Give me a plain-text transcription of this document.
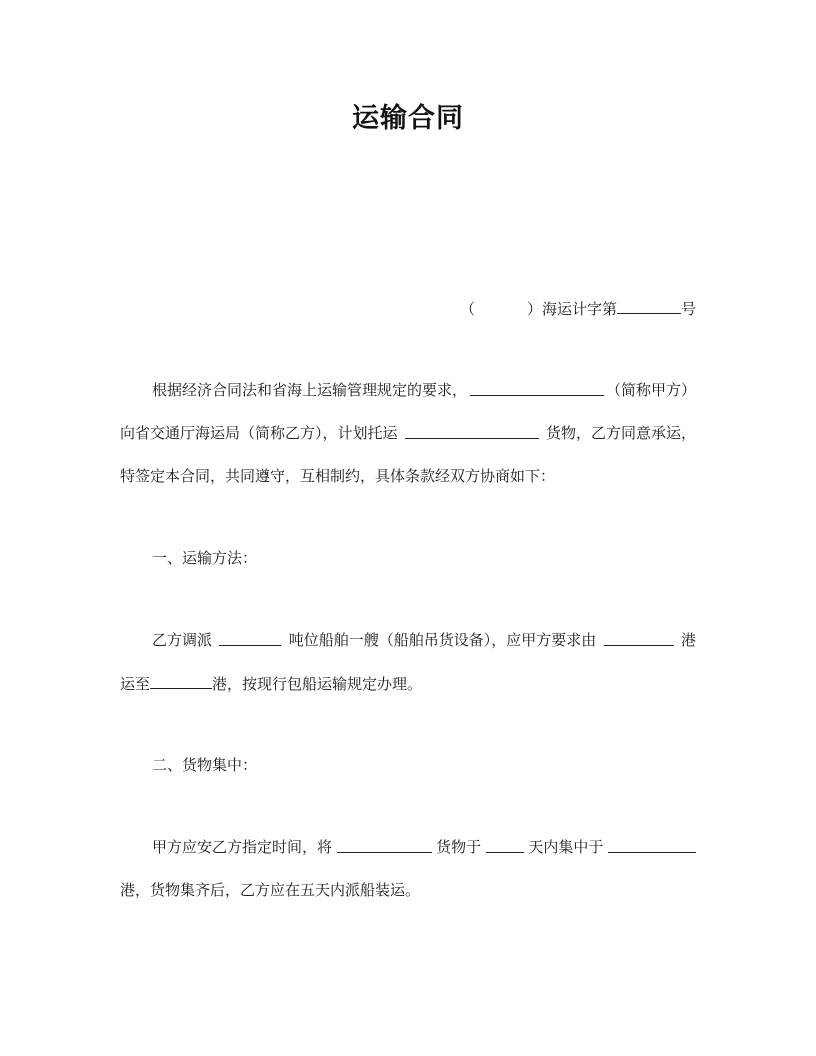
运输合同
（	）海运计字第	号
根据经济合同法和省海上运输管理规定的要求，	（简称甲方）
向省交通厅海运局（简称乙方），计划托运	货物，乙方同意承运，
特签定本合同，共同遵守，互相制约，具体条款经双方协商如下：
一、运输方法：
乙方调派	吨位船舶一艘（船舶吊货设备），应甲方要求由	港
运至	港，按现行包船运输规定办理。
二、货物集中：
甲方应安乙方指定时间，将	货物于	天内集中于
港，货物集齐后，乙方应在五天内派船装运。
